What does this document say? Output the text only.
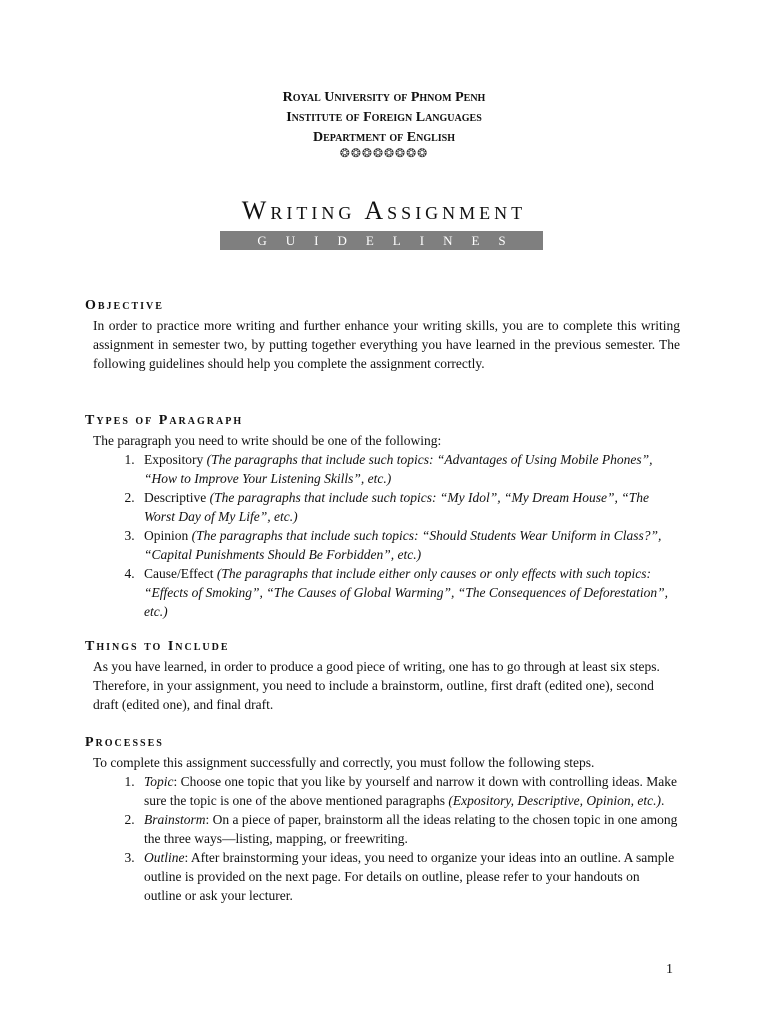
Royal University of Phnom Penh
Institute of Foreign Languages
Department of English
❂❂❂❂❂❂❂❂
Writing Assignment
GUIDELINES

Objective

In order to practice more writing and further enhance your writing skills, you are to complete this writing assignment in semester two, by putting together everything you have learned in the previous semester. The following guidelines should help you complete the assignment correctly.

Types of Paragraph

The paragraph you need to write should be one of the following:

1. Expository (The paragraphs that include such topics: “Advantages of Using Mobile Phones”, “How to Improve Your Listening Skills”, etc.)
2. Descriptive (The paragraphs that include such topics: “My Idol”, “My Dream House”, “The Worst Day of My Life”, etc.)
3. Opinion (The paragraphs that include such topics: “Should Students Wear Uniform in Class?”, “Capital Punishments Should Be Forbidden”, etc.)
4. Cause/Effect (The paragraphs that include either only causes or only effects with such topics: “Effects of Smoking”, “The Causes of Global Warming”, “The Consequences of Deforestation”, etc.)

Things to Include

As you have learned, in order to produce a good piece of writing, one has to go through at least six steps. Therefore, in your assignment, you need to include a brainstorm, outline, first draft (edited one), second draft (edited one), and final draft.

Processes

To complete this assignment successfully and correctly, you must follow the following steps.

1. Topic: Choose one topic that you like by yourself and narrow it down with controlling ideas. Make sure the topic is one of the above mentioned paragraphs (Expository, Descriptive, Opinion, etc.).
2. Brainstorm: On a piece of paper, brainstorm all the ideas relating to the chosen topic in one among the three ways—listing, mapping, or freewriting.
3. Outline: After brainstorming your ideas, you need to organize your ideas into an outline. A sample outline is provided on the next page. For details on outline, please refer to your handouts on outline or ask your lecturer.
1
